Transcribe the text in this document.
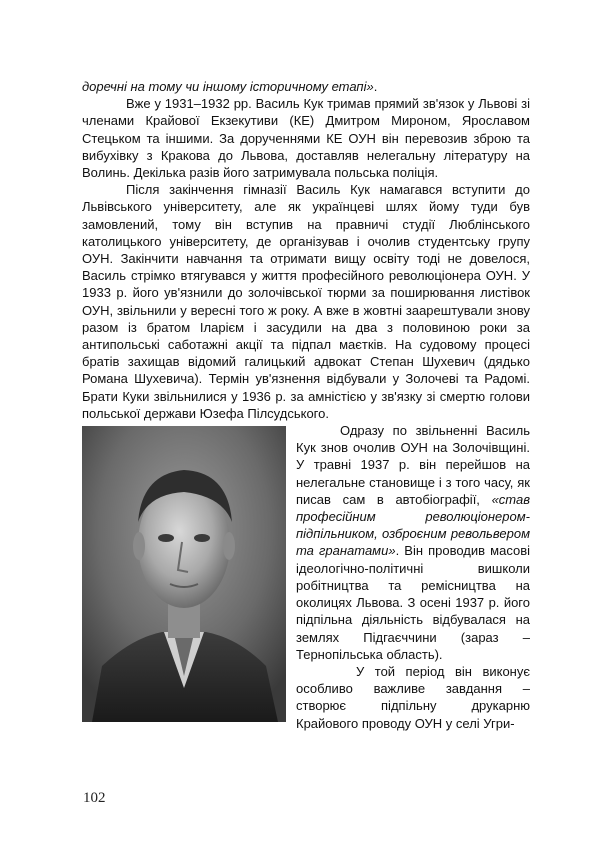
доречні на тому чи іншому історичному етапі».

Вже у 1931–1932 рр. Василь Кук тримав прямий зв'язок у Львові зі членами Крайової Екзекутиви (КЕ) Дмитром Мироном, Ярославом Стецьком та іншими. За дорученнями КЕ ОУН він перевозив зброю та вибухівку з Кракова до Львова, доставляв нелегальну літературу на Волинь. Декілька разів його затримувала польська поліція.

Після закінчення гімназії Василь Кук намагався вступити до Львівського університету, але як українцеві шлях йому туди був замовлений, тому він вступив на правничі студії Люблінського католицького університету, де організував і очолив студентську групу ОУН. Закінчити навчання та отримати вищу освіту тоді не довелося, Василь стрімко втягувався у життя професійного революціонера ОУН. У 1933 р. його ув'язнили до золочівської тюрми за поширювання листівок ОУН, звільнили у вересні того ж року. А вже в жовтні заарештували знову разом із братом Іларієм і засудили на два з половиною роки за антипольські саботажні акції та підпал маєтків. На судовому процесі братів захищав відомий галицький адвокат Степан Шухевич (дядько Романа Шухевича). Термін ув'язнення відбували у Золочеві та Радомі. Брати Куки звільнилися у 1936 р. за амністією у зв'язку зі смертю голови польської держави Юзефа Пілсудського.

Одразу по звільненні Василь Кук знов очолив ОУН на Золочівщині. У травні 1937 р. він перейшов на нелегальне становище і з того часу, як писав сам в автобіографії, «став професійним революціонером-підпільником, озброєним револьвером та гранатами». Він проводив масові ідеологічно-політичні вишколи робітництва та ремісництва на околицях Львова. З осені 1937 р. його підпільна діяльність відбувалася на землях Підгаєччини (зараз – Тернопільська область).

У той період він виконує особливо важливе завдання – створює підпільну друкарню Крайового проводу ОУН у селі Угри-

102
